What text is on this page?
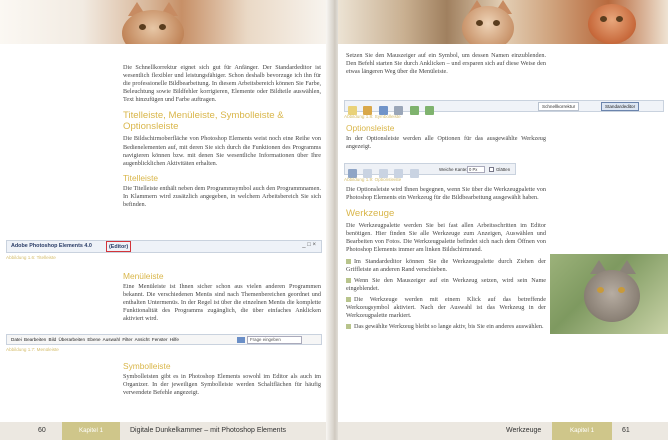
Die Schnellkorrektur eignet sich gut für Anfänger. Der Standardeditor ist wesentlich flexibler und leistungsfähiger. Schon deshalb bevorzuge ich ihn für die professionelle Bildbearbeitung. In diesem Arbeitsbereich können Sie Farbe, Beleuchtung sowie Bildfehler korrigieren, Elemente oder Bildteile auswählen, Text hinzufügen und Farbe auftragen.

Titelleiste, Menüleiste, Symbolleiste & Optionsleiste

Die Bildschirmoberfläche von Photoshop Elements weist noch eine Reihe von Bedienelementen auf, mit deren Sie sich durch die Funktionen des Programms navigieren können bzw. mit denen Sie wesentliche Informationen über Ihre augenblicklichen Aktivitäten erhalten.

Titelleiste

Die Titelleiste enthält neben dem Programmsymbol auch den Programmnamen. In Klammern wird zusätzlich angegeben, in welchem Arbeitsbereich Sie sich befinden.

Adobe Photoshop Elements 4.0	(Editor)	_ □ ×
Abbildung 1.6: Titelleiste
Menüleiste

Eine Menüleiste ist Ihnen sicher schon aus vielen anderen Programmen bekannt. Die verschiedenen Menüs sind nach Themenbereichen geordnet und enthalten Untermenüs. In der Regel ist über die einzelnen Menüs die komplette Funktionalität des Programms zugänglich, die über einfaches Anklicken aktiviert wird.

Datei Bearbeiten Bild Überarbeiten Ebene Auswahl Filter Ansicht Fenster Hilfe	Frage eingeben
Abbildung 1.7: Menüleiste
Symbolleiste

Symbolleisten gibt es in Photoshop Elements sowohl im Editor als auch im Organizer. In der jeweiligen Symbolleiste werden Schaltflächen für häufig verwendete Befehle angezeigt.

60	Kapitel 1	Digitale Dunkelkammer – mit Photoshop Elements

Setzen Sie den Mauszeiger auf ein Symbol, um dessen Namen einzublenden. Den Befehl starten Sie durch Anklicken – und ersparen sich auf diese Weise den etwas längeren Weg über die Menüleiste.

Schnellkorrektur	Standardeditor
Abbildung 1.8: Symbolleiste
Optionsleiste

In der Optionsleiste werden alle Optionen für das ausgewählte Werkzeug angezeigt.

Weiche Kante: 0 Px	Glätten
Abbildung 1.9: Optionsleiste

Die Optionsleiste wird Ihnen begegnen, wenn Sie über die Werkzeugpalette von Photoshop Elements ein Werkzeug für die Bildbearbeitung ausgewählt haben.

Werkzeuge

Die Werkzeugpalette werden Sie bei fast allen Arbeitsschritten im Editor benötigen. Hier finden Sie alle Werkzeuge zum Anzeigen, Auswählen und Bearbeiten von Fotos. Die Werkzeugpalette befindet sich nach dem Öffnen von Photoshop Elements immer am linken Bildschirmrand.

Im Standardeditor können Sie die Werkzeugpalette durch Ziehen der Griffleiste an anderen Rand verschieben.

Wenn Sie den Mauszeiger auf ein Werkzeug setzen, wird sein Name eingeblendet.

Die Werkzeuge werden mit einem Klick auf das betreffende Werkzeugsymbol aktiviert. Nach der Auswahl ist das Werkzeug in der Werkzeugpalette markiert.

Das gewählte Werkzeug bleibt so lange aktiv, bis Sie ein anderes auswählen.

Werkzeuge	Kapitel 1	61
